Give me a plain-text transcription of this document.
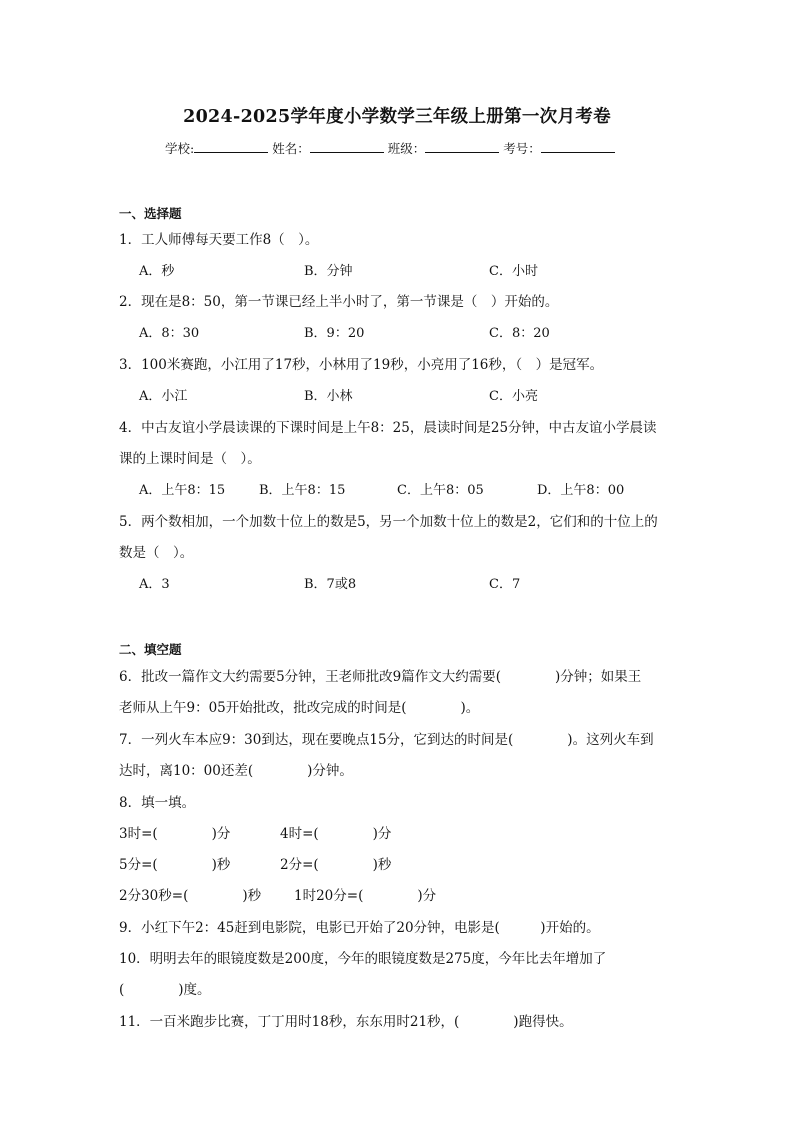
2024-2025学年度小学数学三年级上册第一次月考卷
学校:	姓名：	班级：	考号：
一、选择题
1．工人师傅每天要工作8（　）。
A．秒	B．分钟	C．小时
2．现在是8：50，第一节课已经上半小时了，第一节课是（　）开始的。
A．8：30	B．9：20	C．8：20
3．100米赛跑，小江用了17秒，小林用了19秒，小亮用了16秒，（　）是冠军。
A．小江	B．小林	C．小亮
4．中古友谊小学晨读课的下课时间是上午8：25，晨读时间是25分钟，中古友谊小学晨读
课的上课时间是（　）。
A．上午8：15	B．上午8：15	C．上午8：05	D．上午8：00
5．两个数相加，一个加数十位上的数是5，另一个加数十位上的数是2，它们和的十位上的
数是（　）。
A．3	B．7或8	C．7
二、填空题
6．批改一篇作文大约需要5分钟，王老师批改9篇作文大约需要(　　　　)分钟；如果王
老师从上午9：05开始批改，批改完成的时间是(　　　　)。
7．一列火车本应9：30到达，现在要晚点15分，它到达的时间是(　　　　)。这列火车到
达时，离10：00还差(　　　　)分钟。
8．填一填。
3时=(　　　　)分	4时=(　　　　)分
5分=(　　　　)秒	2分=(　　　　)秒
2分30秒=(　　　　)秒 1时20分=(　　　　)分
9．小红下午2：45赶到电影院，电影已开始了20分钟，电影是(　　　)开始的。
10．明明去年的眼镜度数是200度，今年的眼镜度数是275度，今年比去年增加了
(　　　　)度。
11．一百米跑步比赛，丁丁用时18秒，东东用时21秒，(　　　　)跑得快。
